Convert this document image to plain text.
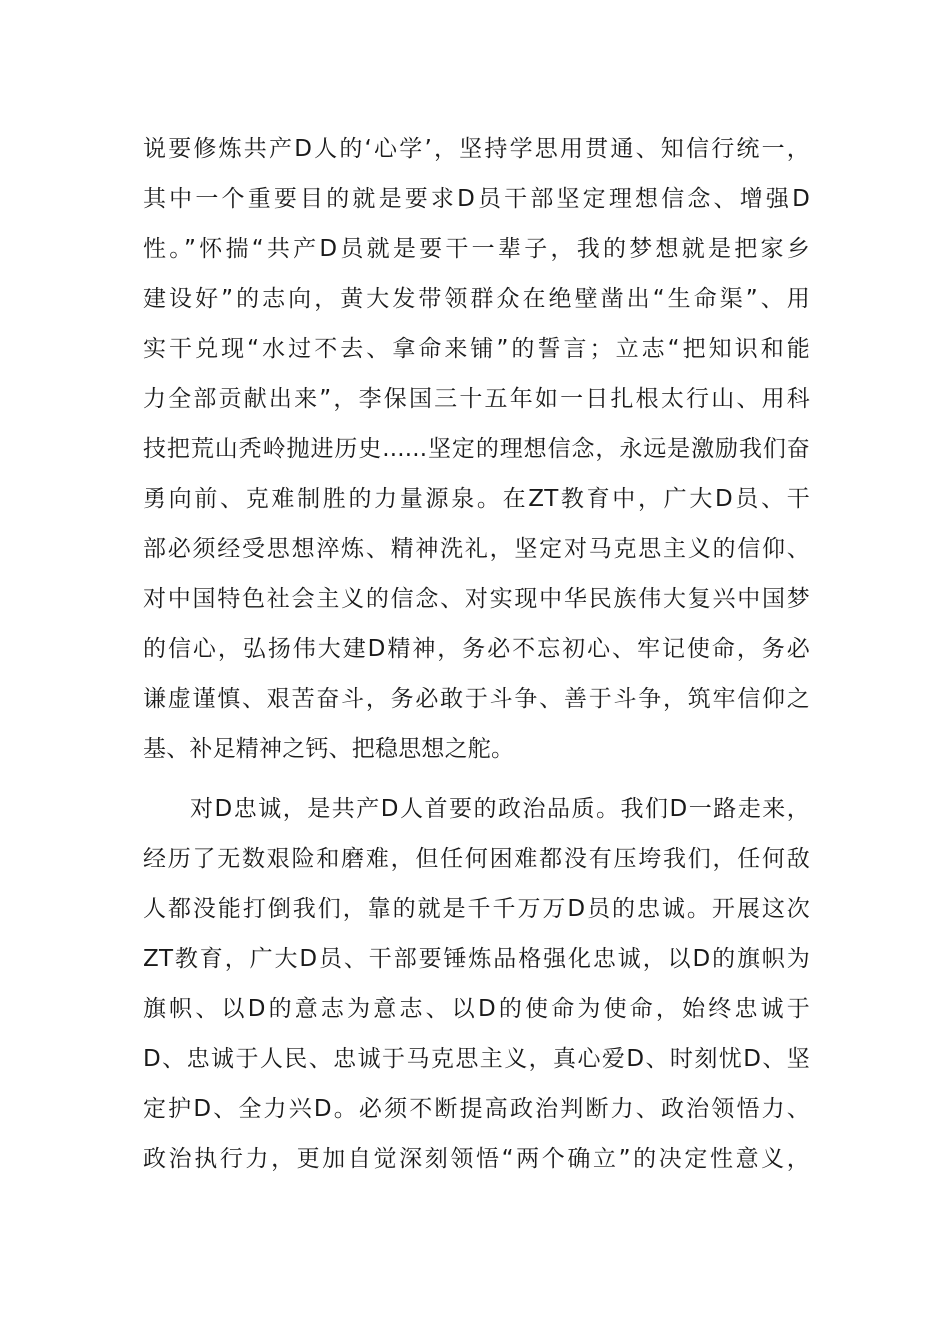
说要修炼共产D人的‘心学’，坚持学思用贯通、知信行统一，
其中一个重要目的就是要求D员干部坚定理想信念、增强D
性。”怀揣“共产D员就是要干一辈子，我的梦想就是把家乡
建设好”的志向，黄大发带领群众在绝壁凿出“生命渠”、用
实干兑现“水过不去、拿命来铺”的誓言；立志“把知识和能
力全部贡献出来”，李保国三十五年如一日扎根太行山、用科
技把荒山秃岭抛进历史......坚定的理想信念，永远是激励我们奋
勇向前、克难制胜的力量源泉。在ZT教育中，广大D员、干
部必须经受思想淬炼、精神洗礼，坚定对马克思主义的信仰、
对中国特色社会主义的信念、对实现中华民族伟大复兴中国梦
的信心，弘扬伟大建D精神，务必不忘初心、牢记使命，务必
谦虚谨慎、艰苦奋斗，务必敢于斗争、善于斗争，筑牢信仰之
基、补足精神之钙、把稳思想之舵。
对D忠诚，是共产D人首要的政治品质。我们D一路走来，
经历了无数艰险和磨难，但任何困难都没有压垮我们，任何敌
人都没能打倒我们，靠的就是千千万万D员的忠诚。开展这次
ZT教育，广大D员、干部要锤炼品格强化忠诚，以D的旗帜为
旗帜、以D的意志为意志、以D的使命为使命，始终忠诚于
D、忠诚于人民、忠诚于马克思主义，真心爱D、时刻忧D、坚
定护D、全力兴D。必须不断提高政治判断力、政治领悟力、
政治执行力，更加自觉深刻领悟“两个确立”的决定性意义，
